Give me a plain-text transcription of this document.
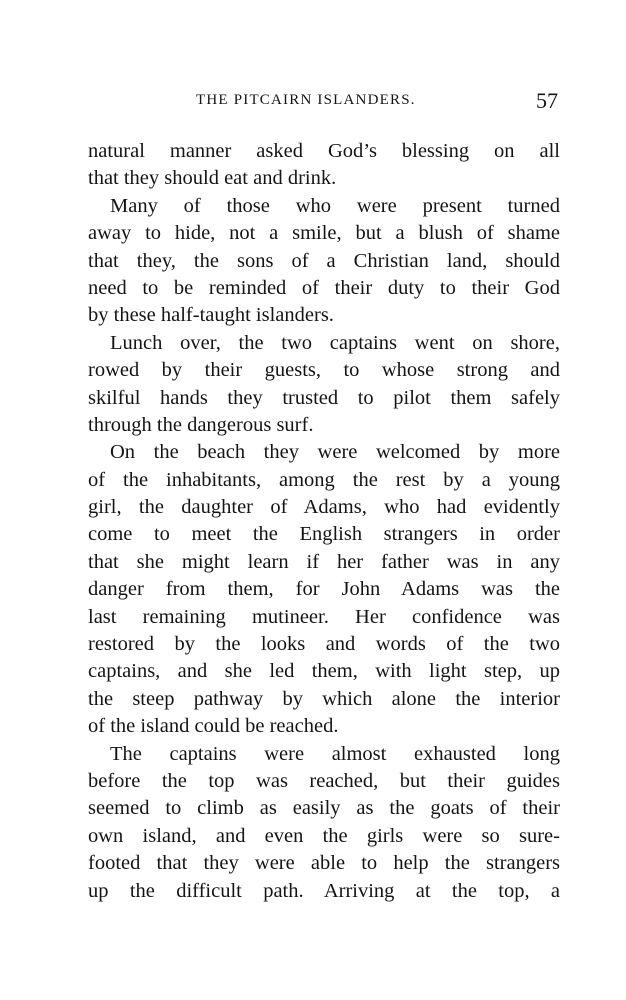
THE PITCAIRN ISLANDERS.	57
natural manner asked God’s blessing on all
that they should eat and drink.
Many of those who were present turned
away to hide, not a smile, but a blush of shame
that they, the sons of a Christian land, should
need to be reminded of their duty to their God
by these half-taught islanders.
Lunch over, the two captains went on shore,
rowed by their guests, to whose strong and
skilful hands they trusted to pilot them safely
through the dangerous surf.
On the beach they were welcomed by more
of the inhabitants, among the rest by a young
girl, the daughter of Adams, who had evidently
come to meet the English strangers in order
that she might learn if her father was in any
danger from them, for John Adams was the
last remaining mutineer. Her confidence was
restored by the looks and words of the two
captains, and she led them, with light step, up
the steep pathway by which alone the interior
of the island could be reached.
The captains were almost exhausted long
before the top was reached, but their guides
seemed to climb as easily as the goats of their
own island, and even the girls were so sure-
footed that they were able to help the strangers
up the difficult path. Arriving at the top, a
